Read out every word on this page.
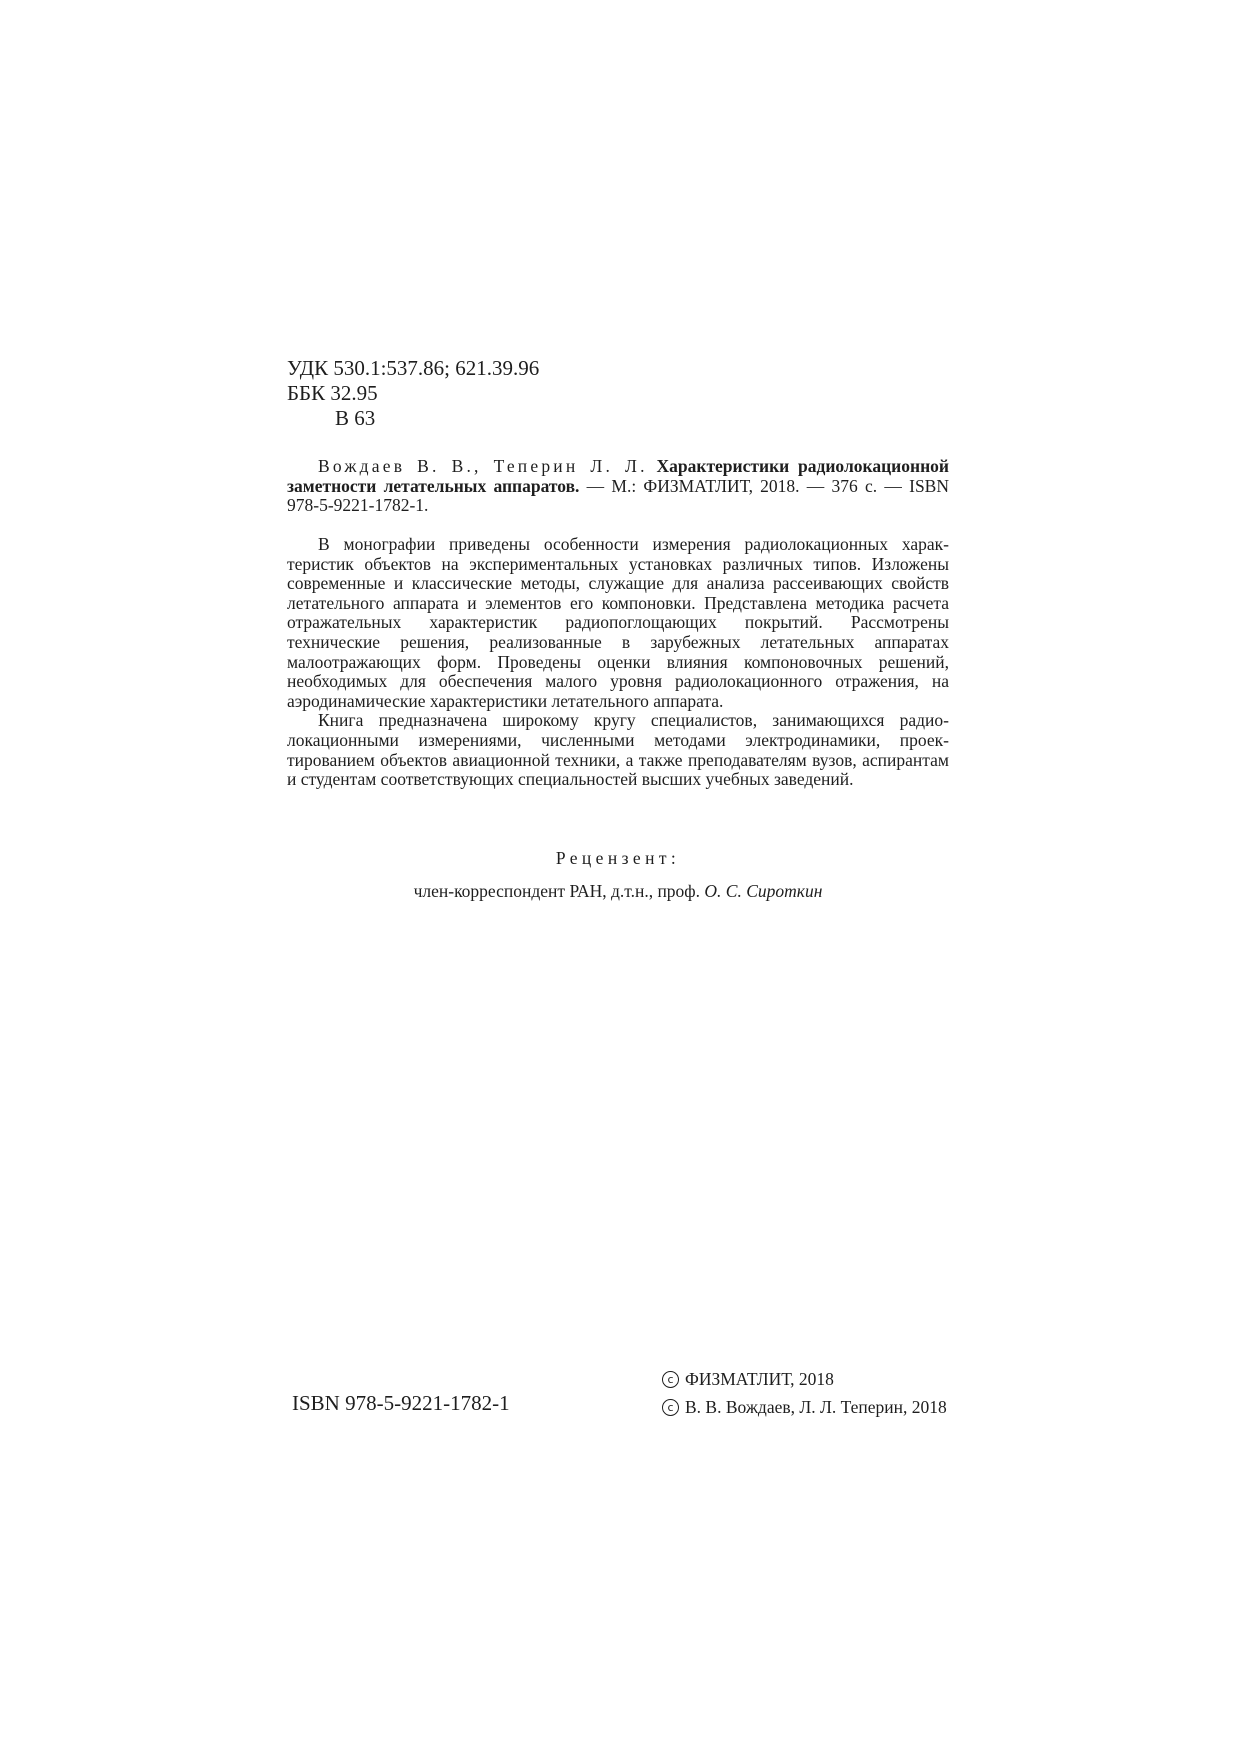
УДК 530.1:537.86; 621.39.96
ББК 32.95
В 63

Вождаев В. В., Теперин Л. Л. Характеристики радиолокационной заметности летательных аппаратов. — М.: ФИЗМАТЛИТ, 2018. — 376 с. — ISBN 978-5-9221-1782-1.

В монографии приведены особенности измерения радиолокационных характеристик объектов на экспериментальных установках различных типов. Изложены современные и классические методы, служащие для анализа рассеивающих свойств летательного аппарата и элементов его компоновки. Представлена методика расчета отражательных характеристик радиопоглощающих покрытий. Рассмотрены технические решения, реализованные в зарубежных летательных аппаратах малоотражающих форм. Проведены оценки влияния компоновочных решений, необходимых для обеспечения малого уровня радиолокационного отражения, на аэродинамические характеристики летательного аппарата.

Книга предназначена широкому кругу специалистов, занимающихся радиолокационными измерениями, численными методами электродинамики, проектированием объектов авиационной техники, а также преподавателям вузов, аспирантам и студентам соответствующих специальностей высших учебных заведений.

Рецензент:
член-корреспондент РАН, д.т.н., проф. О. С. Сироткин
ISBN 978-5-9221-1782-1
c ФИЗМАТЛИТ, 2018
c В. В. Вождаев, Л. Л. Теперин, 2018
